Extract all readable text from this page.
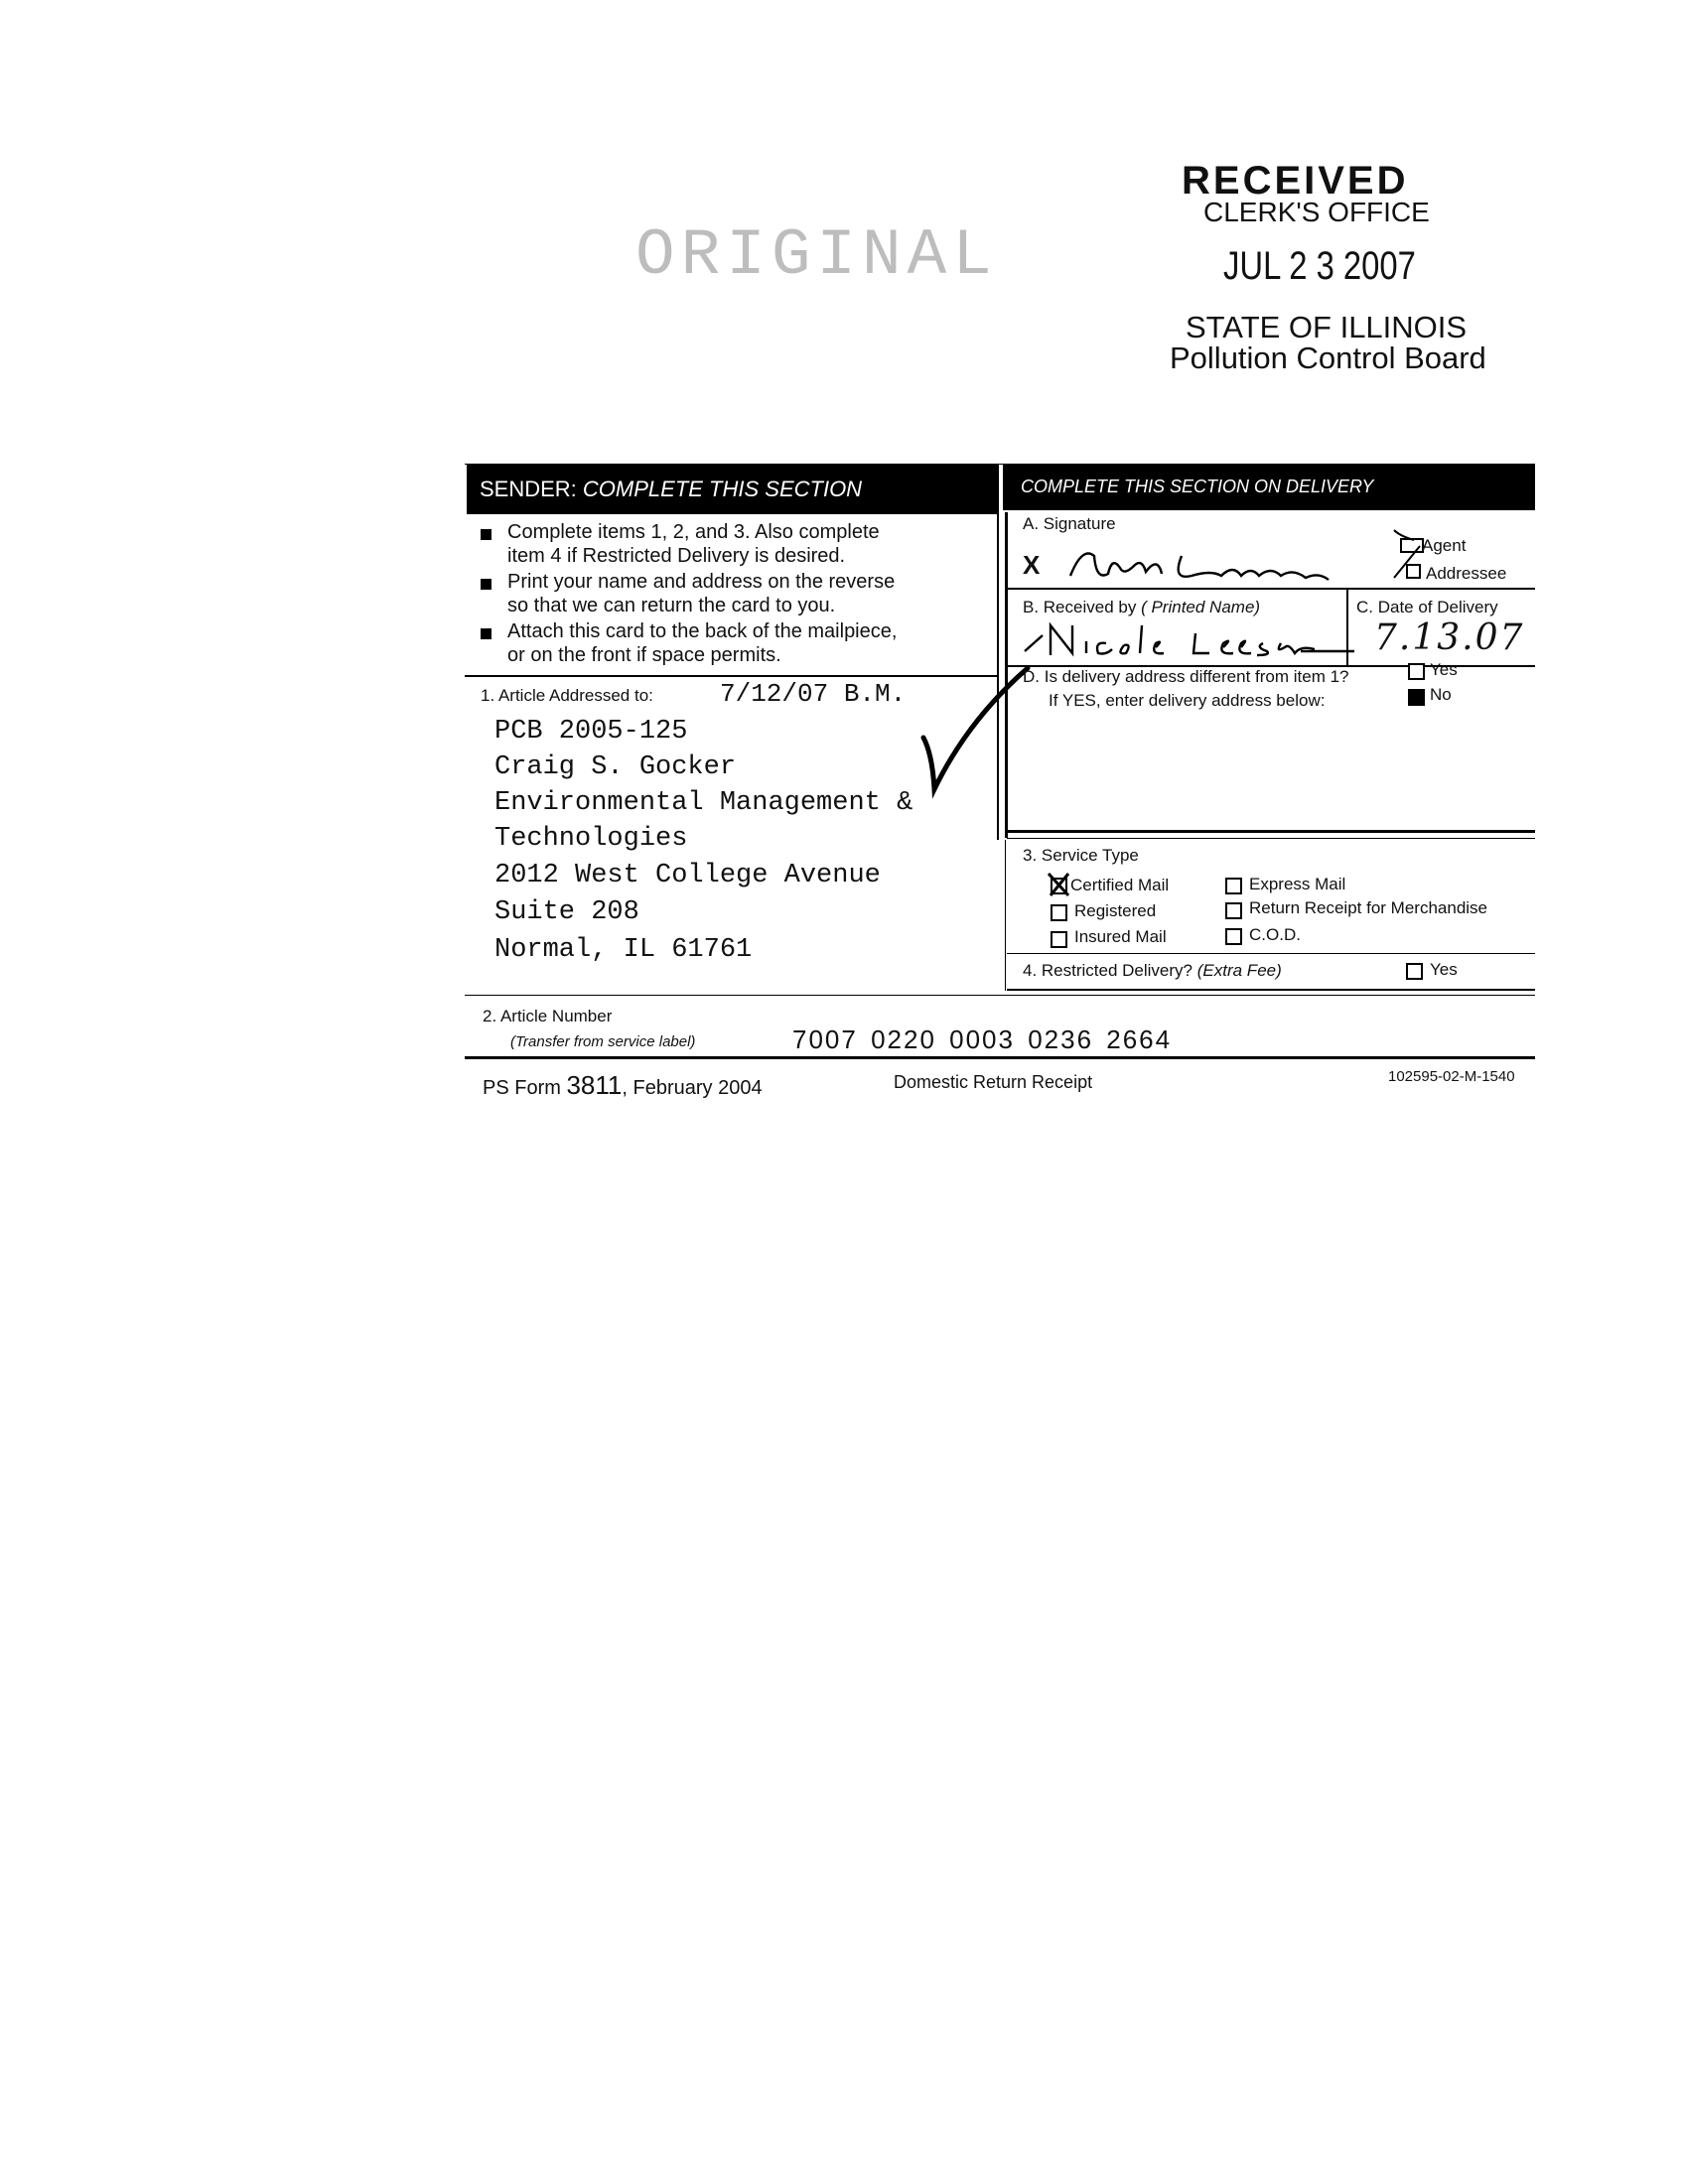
RECEIVED
CLERK'S OFFICE
JUL 2 3 2007
STATE OF ILLINOIS
Pollution Control Board
ORIGINAL
SENDER: COMPLETE THIS SECTION	COMPLETE THIS SECTION ON DELIVERY
Complete items 1, 2, and 3. Also complete
item 4 if Restricted Delivery is desired.
Print your name and address on the reverse
so that we can return the card to you.
Attach this card to the back of the mailpiece,
or on the front if space permits.
1. Article Addressed to:	7/12/07 B.M.
PCB 2005-125
Craig S. Gocker
Environmental Management &
Technologies
2012 West College Avenue
Suite 208
Normal, IL 61761
A. Signature
X
Agent
Addressee
B. Received by ( Printed Name)	C. Date of Delivery
7.13.07
D. Is delivery address different from item 1?
If YES, enter delivery address below:
Yes
No
3. Service Type
Certified Mail	Express Mail
Registered	Return Receipt for Merchandise
Insured Mail	C.O.D.
4. Restricted Delivery? (Extra Fee)	Yes
2. Article Number
(Transfer from service label)	7007 0220 0003 0236 2664
PS Form 3811, February 2004	Domestic Return Receipt	102595-02-M-1540
